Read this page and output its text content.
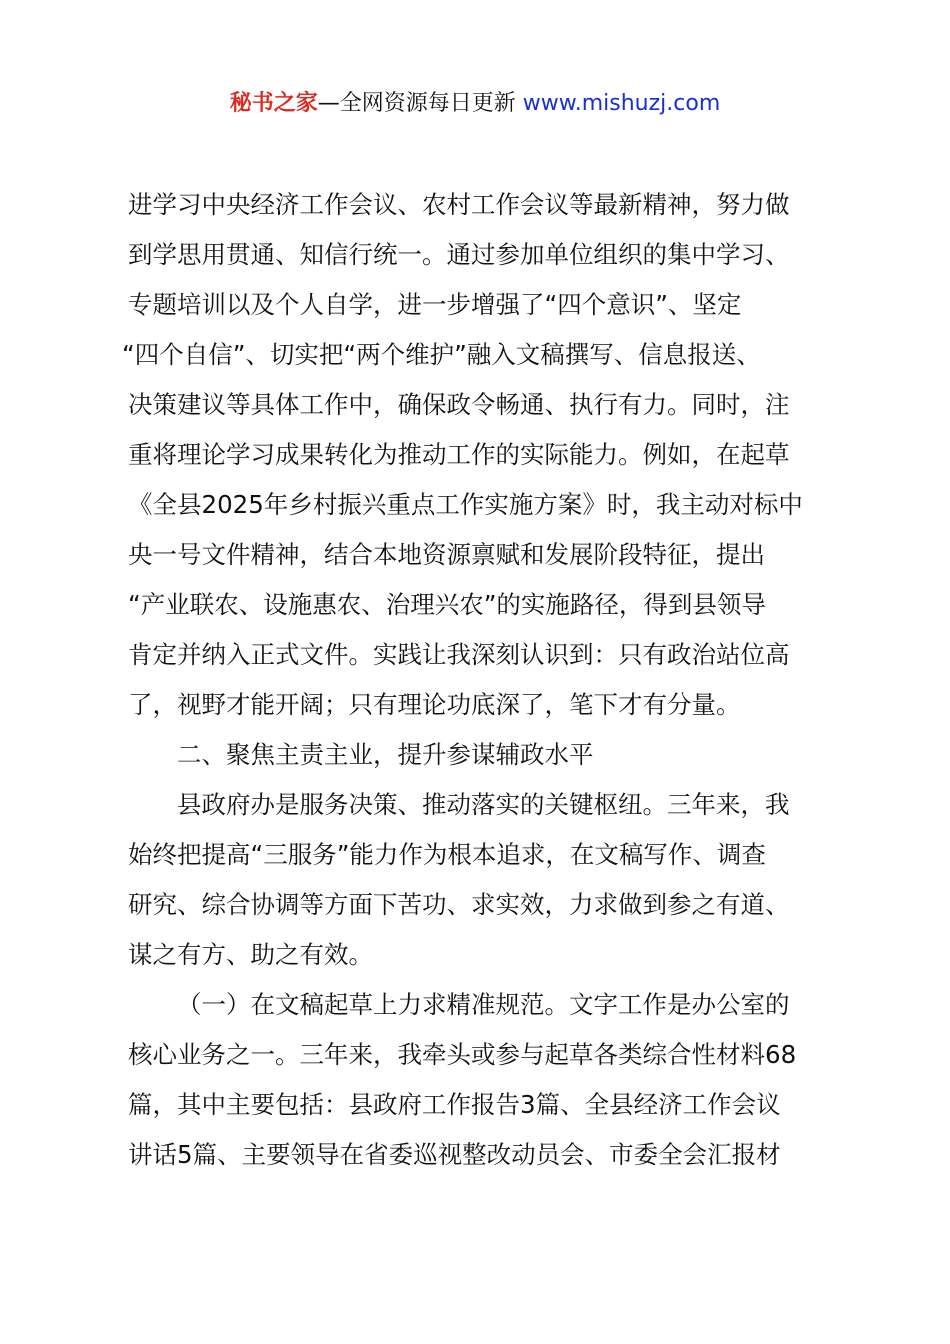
秘书之家—全网资源每日更新 www.mishuzj.com
进学习中央经济工作会议、农村工作会议等最新精神，努力做
到学思用贯通、知信行统一。通过参加单位组织的集中学习、
专题培训以及个人自学，进一步增强了“四个意识”、坚定
“四个自信”、切实把“两个维护”融入文稿撰写、信息报送、
决策建议等具体工作中，确保政令畅通、执行有力。同时，注
重将理论学习成果转化为推动工作的实际能力。例如，在起草
《全县2025年乡村振兴重点工作实施方案》时，我主动对标中
央一号文件精神，结合本地资源禀赋和发展阶段特征，提出
“产业联农、设施惠农、治理兴农”的实施路径，得到县领导
肯定并纳入正式文件。实践让我深刻认识到：只有政治站位高
了，视野才能开阔；只有理论功底深了，笔下才有分量。
二、聚焦主责主业，提升参谋辅政水平
县政府办是服务决策、推动落实的关键枢纽。三年来，我
始终把提高“三服务”能力作为根本追求，在文稿写作、调查
研究、综合协调等方面下苦功、求实效，力求做到参之有道、
谋之有方、助之有效。
（一）在文稿起草上力求精准规范。文字工作是办公室的
核心业务之一。三年来，我牵头或参与起草各类综合性材料68
篇，其中主要包括：县政府工作报告3篇、全县经济工作会议
讲话5篇、主要领导在省委巡视整改动员会、市委全会汇报材
